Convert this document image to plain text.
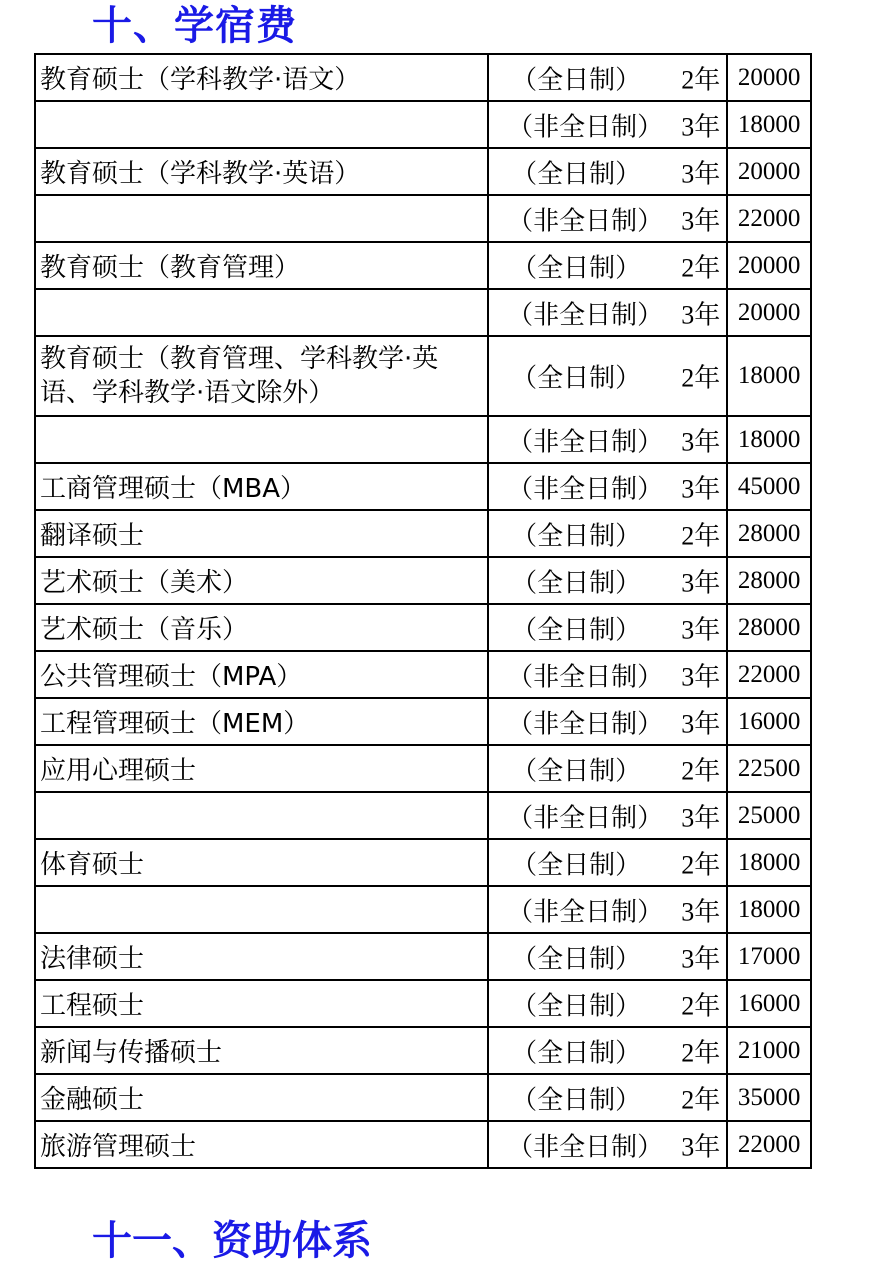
十、学宿费
教育硕士（学科教学·语文）	（全日制） 2年	20000

	（非全日制） 3年	18000
教育硕士（学科教学·英语）	（全日制） 3年	20000

	（非全日制） 3年	22000
教育硕士（教育管理）	（全日制） 2年	20000

	（非全日制） 3年	20000
教育硕士（教育管理、学科教学·英语、学科教学·语文除外）	（全日制） 2年	18000

	（非全日制） 3年	18000
工商管理硕士（MBA）	（非全日制） 3年	45000
翻译硕士	（全日制） 2年	28000
艺术硕士（美术）	（全日制） 3年	28000
艺术硕士（音乐）	（全日制） 3年	28000
公共管理硕士（MPA）	（非全日制） 3年	22000
工程管理硕士（MEM）	（非全日制） 3年	16000
应用心理硕士	（全日制） 2年	22500

	（非全日制） 3年	25000
体育硕士	（全日制） 2年	18000

	（非全日制） 3年	18000
法律硕士	（全日制） 3年	17000
工程硕士	（全日制） 2年	16000
新闻与传播硕士	（全日制） 2年	21000
金融硕士	（全日制） 2年	35000
旅游管理硕士	（非全日制） 3年	22000
十一、资助体系
